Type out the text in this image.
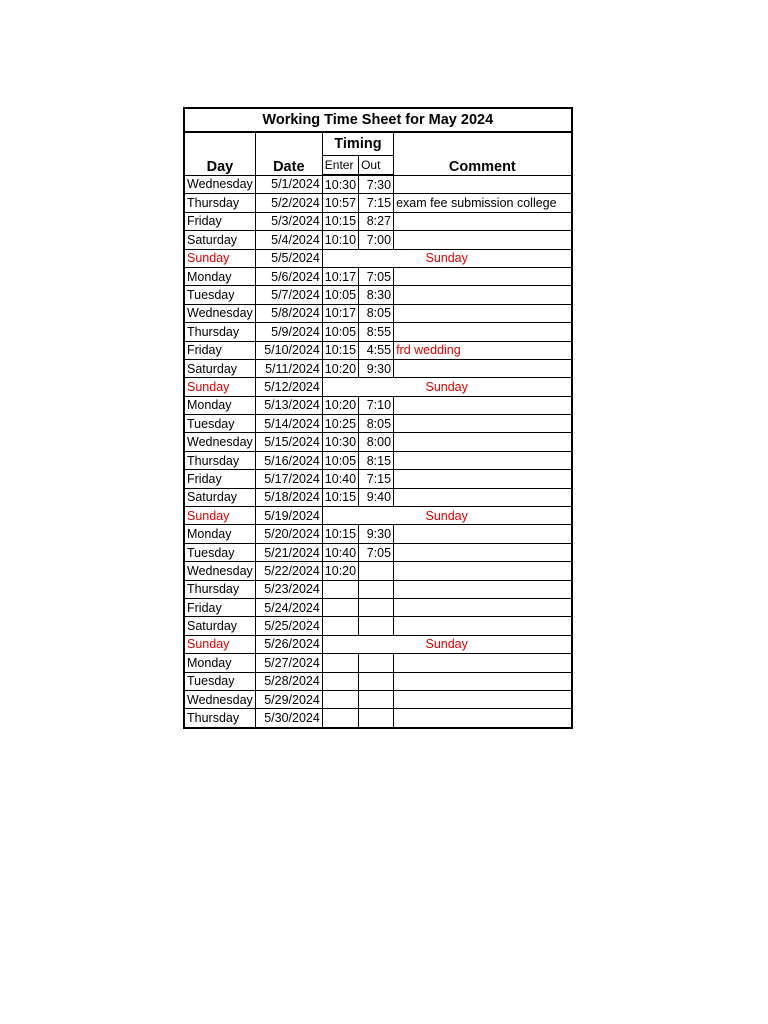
Working Time Sheet for May 2024				
Day	Date	Timing		Comment
		Enter	Out	
Wednesday	5/1/2024	10:30	7:30	
Thursday	5/2/2024	10:57	7:15	exam fee submission college
Friday	5/3/2024	10:15	8:27	
Saturday	5/4/2024	10:10	7:00	
Sunday	5/5/2024	Sunday		
Monday	5/6/2024	10:17	7:05	
Tuesday	5/7/2024	10:05	8:30	
Wednesday	5/8/2024	10:17	8:05	
Thursday	5/9/2024	10:05	8:55	
Friday	5/10/2024	10:15	4:55	frd wedding
Saturday	5/11/2024	10:20	9:30	
Sunday	5/12/2024	Sunday		
Monday	5/13/2024	10:20	7:10	
Tuesday	5/14/2024	10:25	8:05	
Wednesday	5/15/2024	10:30	8:00	
Thursday	5/16/2024	10:05	8:15	
Friday	5/17/2024	10:40	7:15	
Saturday	5/18/2024	10:15	9:40	
Sunday	5/19/2024	Sunday		
Monday	5/20/2024	10:15	9:30	
Tuesday	5/21/2024	10:40	7:05	
Wednesday	5/22/2024	10:20		
Thursday	5/23/2024			
Friday	5/24/2024			
Saturday	5/25/2024			
Sunday	5/26/2024	Sunday		
Monday	5/27/2024			
Tuesday	5/28/2024			
Wednesday	5/29/2024			
Thursday	5/30/2024			
